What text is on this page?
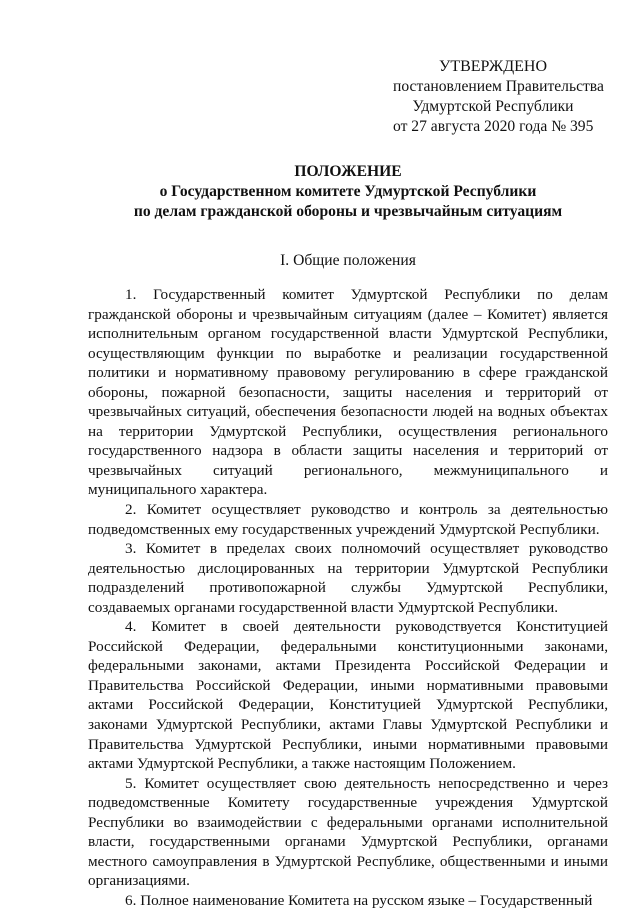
УТВЕРЖДЕНО
постановлением Правительства
Удмуртской Республики
от 27 августа 2020 года № 395
ПОЛОЖЕНИЕ
о Государственном комитете Удмуртской Республики
по делам гражданской обороны и чрезвычайным ситуациям
I. Общие положения

1. Государственный комитет Удмуртской Республики по делам гражданской обороны и чрезвычайным ситуациям (далее – Комитет) является исполнительным органом государственной власти Удмуртской Республики, осуществляющим функции по выработке и реализации государственной политики и нормативному правовому регулированию в сфере гражданской обороны, пожарной безопасности, защиты населения и территорий от чрезвычайных ситуаций, обеспечения безопасности людей на водных объектах на территории Удмуртской Республики, осуществления регионального государственного надзора в области защиты населения и территорий от чрезвычайных ситуаций регионального, межмуниципального и муниципального характера.

2. Комитет осуществляет руководство и контроль за деятельностью подведомственных ему государственных учреждений Удмуртской Республики.

3. Комитет в пределах своих полномочий осуществляет руководство деятельностью дислоцированных на территории Удмуртской Республики подразделений противопожарной службы Удмуртской Республики, создаваемых органами государственной власти Удмуртской Республики.

4. Комитет в своей деятельности руководствуется Конституцией Российской Федерации, федеральными конституционными законами, федеральными законами, актами Президента Российской Федерации и Правительства Российской Федерации, иными нормативными правовыми актами Российской Федерации, Конституцией Удмуртской Республики, законами Удмуртской Республики, актами Главы Удмуртской Республики и Правительства Удмуртской Республики, иными нормативными правовыми актами Удмуртской Республики, а также настоящим Положением.

5. Комитет осуществляет свою деятельность непосредственно и через подведомственные Комитету государственные учреждения Удмуртской Республики во взаимодействии с федеральными органами исполнительной власти, государственными органами Удмуртской Республики, органами местного самоуправления в Удмуртской Республике, общественными и иными организациями.

6. Полное наименование Комитета на русском языке – Государственный
